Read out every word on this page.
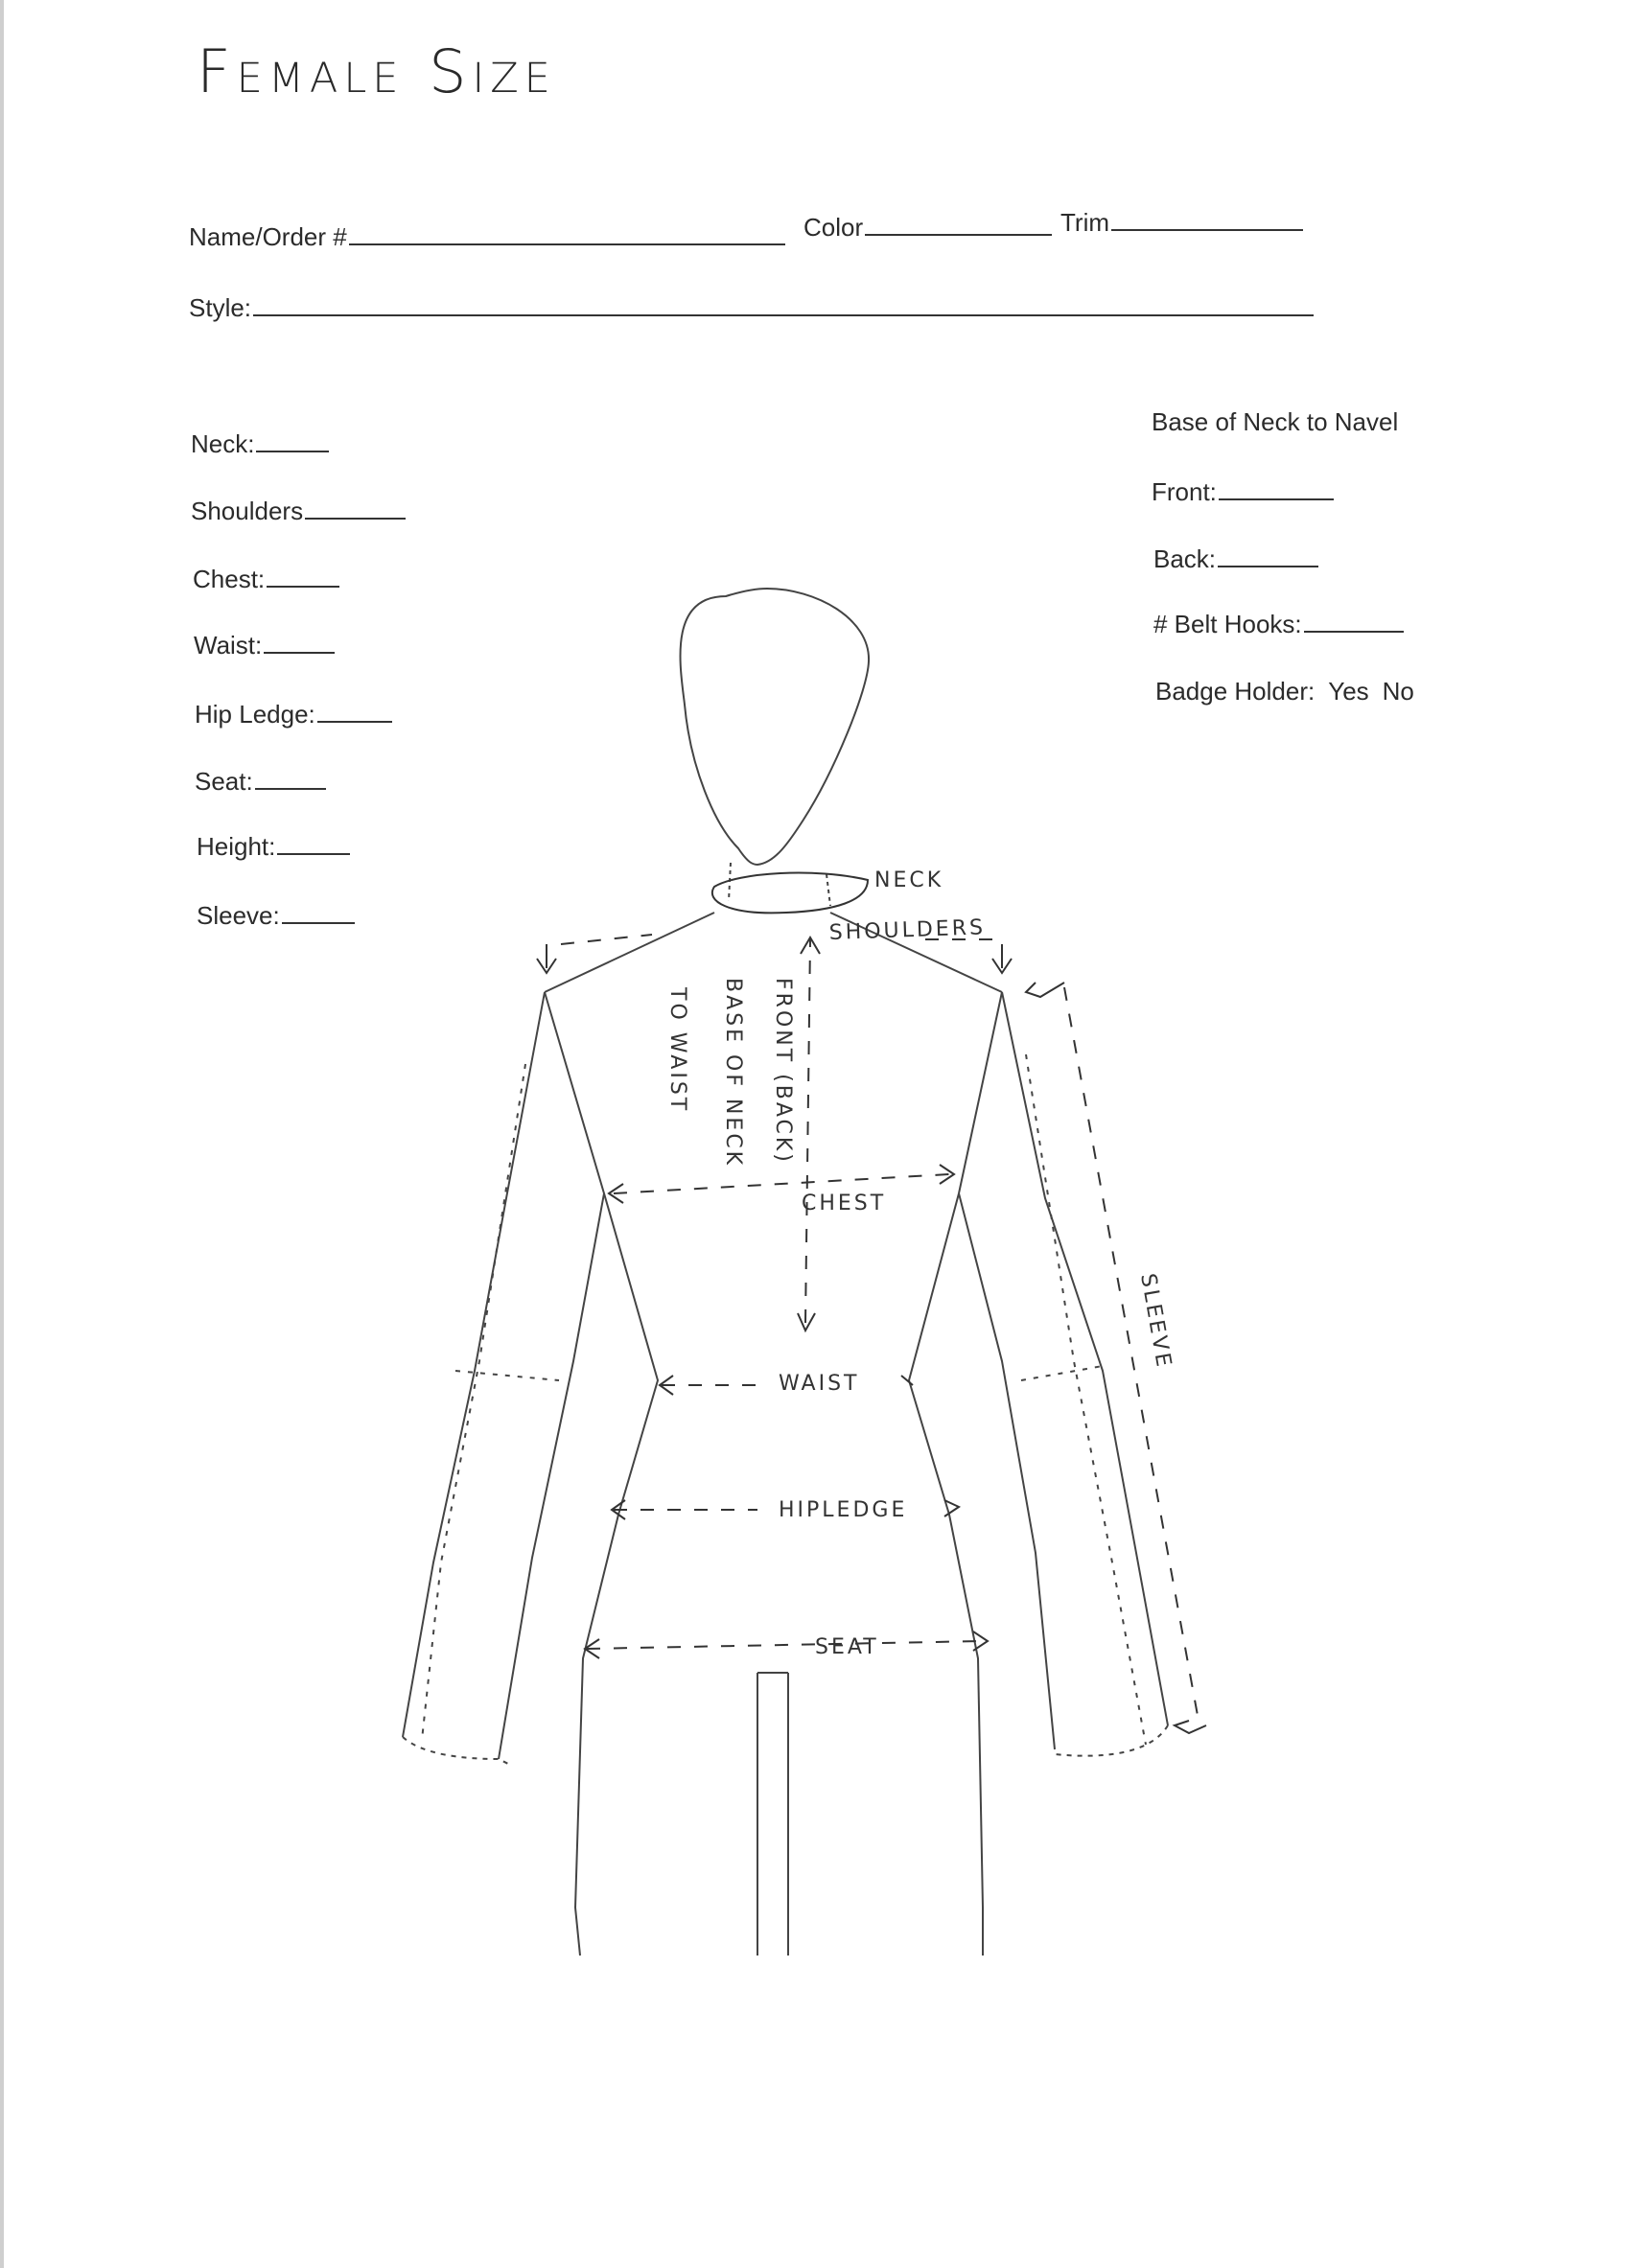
Female Size
Name/Order #	Color	Trim
Style:
Neck:
Shoulders
Chest:
Waist:
Hip Ledge:
Seat:
Height:
Sleeve:
Base of Neck to Navel
Front:
Back:
# Belt Hooks:
Badge Holder: Yes No
NECK
SHOULDERS
CHEST
WAIST
HIPLEDGE
SEAT
SLEEVE
FRONT (BACK)
BASE OF NECK
TO WAIST
